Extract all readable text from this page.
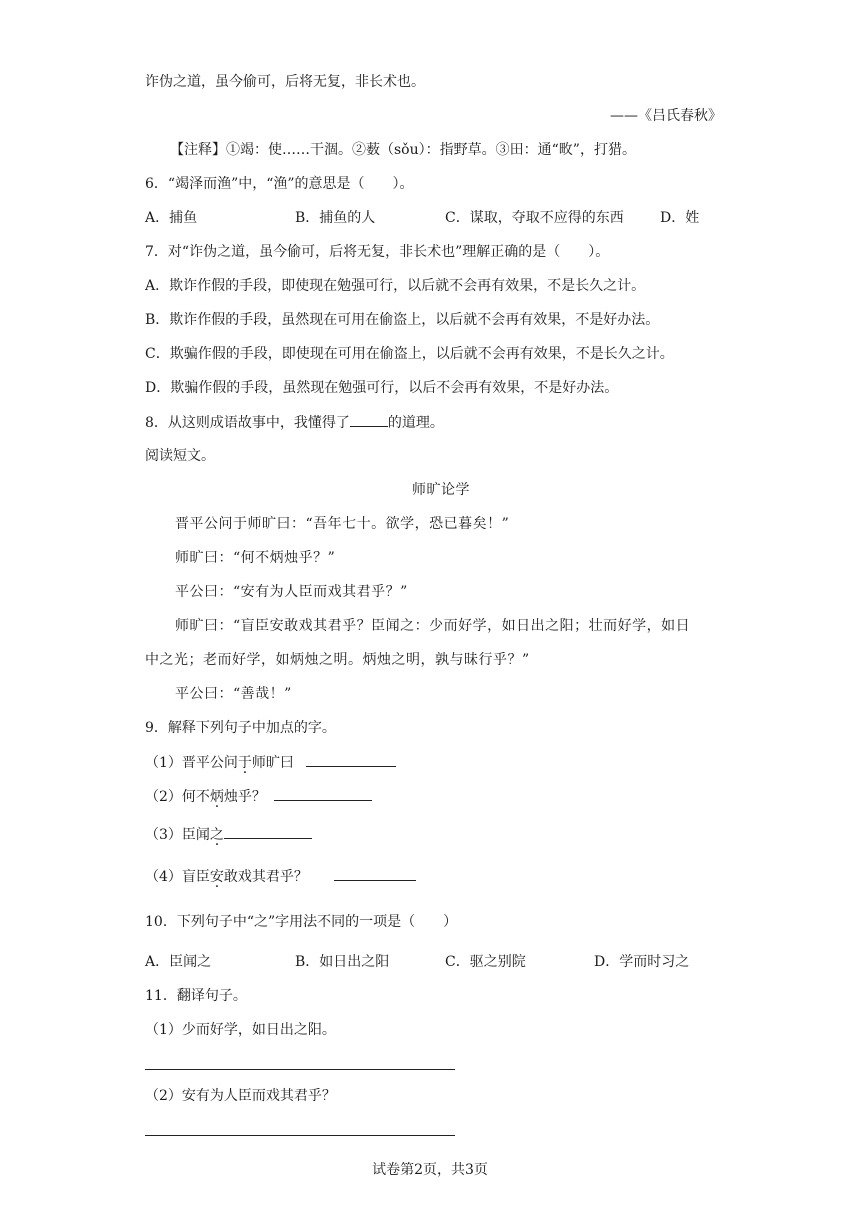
诈伪之道，虽今偷可，后将无复，非长术也。
——《吕氏春秋》
【注释】①竭：使……干涸。②薮（sǒu）：指野草。③田：通“畋”，打猎。
6．“竭泽而渔”中，“渔”的意思是（　　）。
A．捕鱼	B．捕鱼的人	C．谋取，夺取不应得的东西	D．姓
7．对“诈伪之道，虽今偷可，后将无复，非长术也”理解正确的是（　　）。
A．欺诈作假的手段，即使现在勉强可行，以后就不会再有效果，不是长久之计。
B．欺诈作假的手段，虽然现在可用在偷盗上，以后就不会再有效果，不是好办法。
C．欺骗作假的手段，即使现在可用在偷盗上，以后就不会再有效果，不是长久之计。
D．欺骗作假的手段，虽然现在勉强可行，以后不会再有效果，不是好办法。
8．从这则成语故事中，我懂得了	的道理。
阅读短文。
师旷论学
晋平公问于师旷曰：“吾年七十。欲学，恐已暮矣！”
师旷曰：“何不炳烛乎？”
平公曰：“安有为人臣而戏其君乎？”
师旷曰：“盲臣安敢戏其君乎？臣闻之：少而好学，如日出之阳；壮而好学，如日
中之光；老而好学，如炳烛之明。炳烛之明，孰与昧行乎？”
平公曰：“善哉！”
9．解释下列句子中加点的字。
（1）晋平公问于师旷曰
（2）何不炳烛乎？
（3）臣闻之
（4）盲臣安敢戏其君乎？
10．下列句子中“之”字用法不同的一项是（　　）
A．臣闻之	B．如日出之阳	C．驱之别院	D．学而时习之
11．翻译句子。
（1）少而好学，如日出之阳。
（2）安有为人臣而戏其君乎？
试卷第2页，共3页
